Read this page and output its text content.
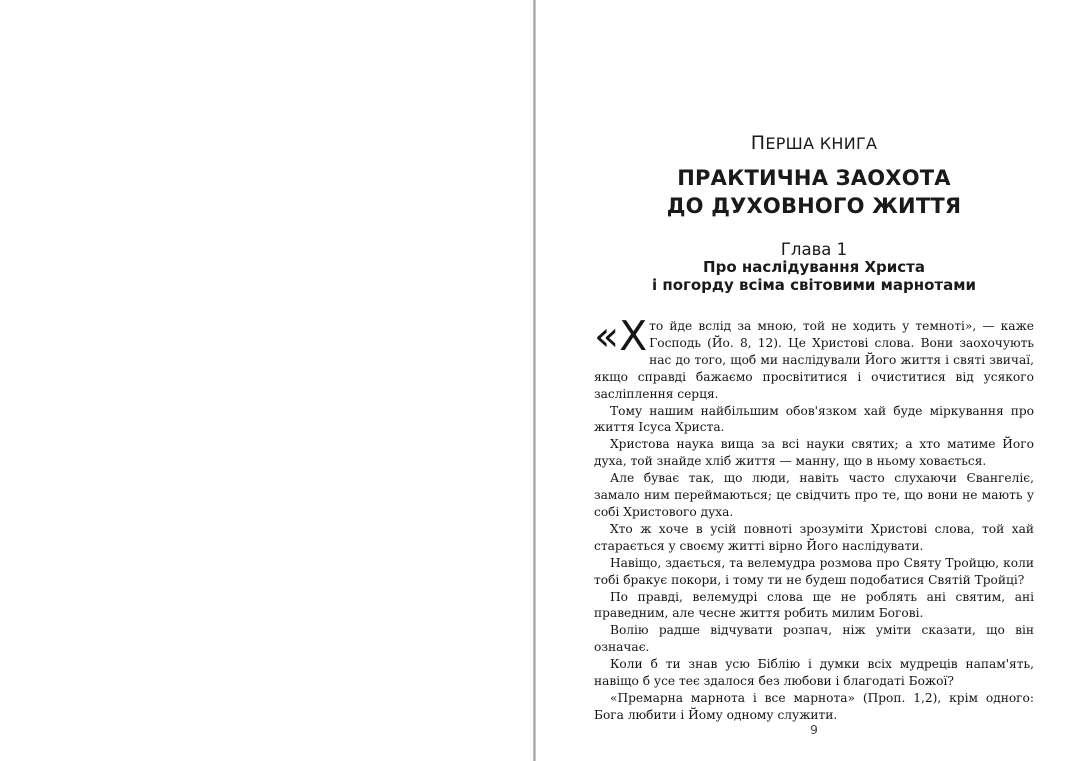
ПЕРША КНИГА
ПРАКТИЧНА ЗАОХОТА
ДО ДУХОВНОГО ЖИТТЯ
Глава 1
Про наслідування Христа
і погорду всіма світовими марнотами

«Хто йде вслід за мною, той не ходить у темноті», — каже Господь (Йо. 8, 12). Це Христові слова. Вони заохочують нас до того, щоб ми наслідували Його життя і святі звичаї, якщо справді бажаємо просвітитися і очиститися від усякого засліплення серця.

Тому нашим найбільшим обов'язком хай буде міркування про життя Ісуса Христа.

Христова наука вища за всі науки святих; а хто матиме Його духа, той знайде хліб життя — манну, що в ньому ховається.

Але буває так, що люди, навіть часто слухаючи Євангеліє, замало ним переймаються; це свідчить про те, що вони не мають у собі Христового духа.

Хто ж хоче в усій повноті зрозуміти Христові слова, той хай старається у своєму житті вірно Його наслідувати.

Навіщо, здається, та велемудра розмова про Святу Тройцю, коли тобі бракує покори, і тому ти не будеш подобатися Святій Тройці?

По правді, велемудрі слова ще не роблять ані святим, ані праведним, але чесне життя робить милим Богові.

Волію радше відчувати розпач, ніж уміти сказати, що він означає.

Коли б ти знав усю Біблію і думки всіх мудреців напам'ять, навіщо б усе теє здалося без любови і благодаті Божої?

«Премарна марнота і все марнота» (Проп. 1,2), крім одного: Бога любити і Йому одному служити.

9
